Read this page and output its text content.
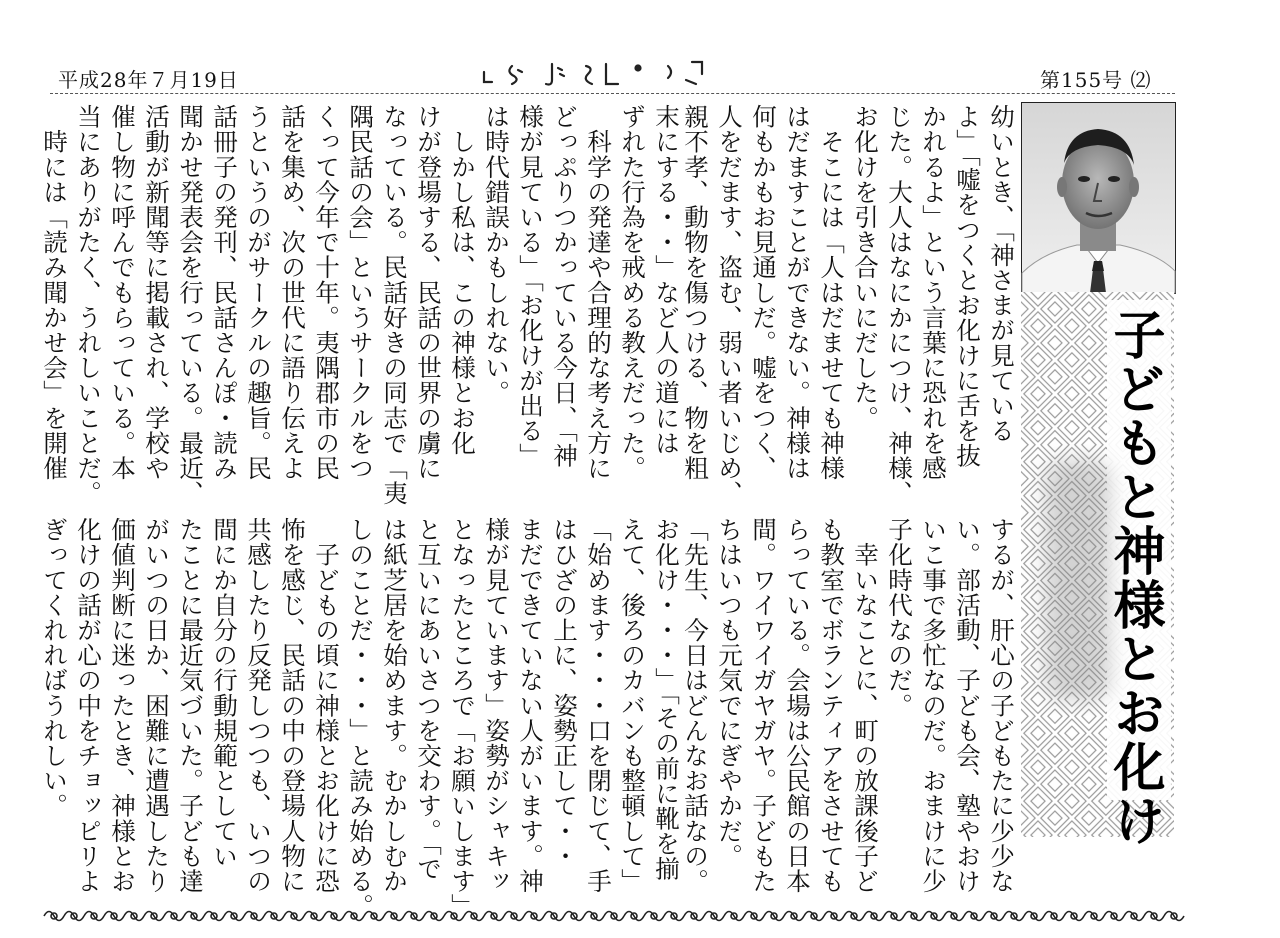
平成28年７月19日	第155号 ⑵
子どもと神様とお化け
幼いとき、「神さまが見ている
よ」「嘘をつくとお化けに舌を抜
かれるよ」という言葉に恐れを感
じた。大人はなにかにつけ、神様、
お化けを引き合いにだした。
　そこには「人はだませても神様
はだますことができない。神様は
何もかもお見通しだ。嘘をつく、
人をだます、盗む、弱い者いじめ、
親不孝、動物を傷つける、物を粗
末にする・・」など人の道には
ずれた行為を戒める教えだった。
　科学の発達や合理的な考え方に
どっぷりつかっている今日、「神
様が見ている」「お化けが出る」
は時代錯誤かもしれない。
　しかし私は、この神様とお化
けが登場する、民話の世界の虜に
なっている。民話好きの同志で「夷
隅民話の会」というサークルをつ
くって今年で十年。夷隅郡市の民
話を集め、次の世代に語り伝えよ
うというのがサークルの趣旨。民
話冊子の発刊、民話さんぽ・読み
聞かせ発表会を行っている。最近、
活動が新聞等に掲載され、学校や
催し物に呼んでもらっている。本
当にありがたく、うれしいことだ。
　時には「読み聞かせ会」を開催
するが、肝心の子どもたに少少な
い。部活動、子ども会、塾やおけ
いこ事で多忙なのだ。おまけに少
子化時代なのだ。
　幸いなことに、町の放課後子ど
も教室でボランティアをさせても
らっている。会場は公民館の日本
間。ワイワイガヤガヤ。子どもた
ちはいつも元気でにぎやかだ。
「先生、今日はどんなお話なの。
お化け・・・」「その前に靴を揃
えて、後ろのカバンも整頓して」
「始めます・・・口を閉じて、手
はひざの上に、姿勢正して・・
まだできていない人がいます。神
様が見ています」姿勢がシャキッ
となったところで「お願いします」
と互いにあいさつを交わす。「で
は紙芝居を始めます。むかしむか
しのことだ・・・」と読み始める。
　子どもの頃に神様とお化けに恐
怖を感じ、民話の中の登場人物に
共感したり反発しつつも、いつの
間にか自分の行動規範としてい
たことに最近気づいた。子ども達
がいつの日か、困難に遭遇したり
価値判断に迷ったとき、神様とお
化けの話が心の中をチョッピリよ
ぎってくれればうれしい。
